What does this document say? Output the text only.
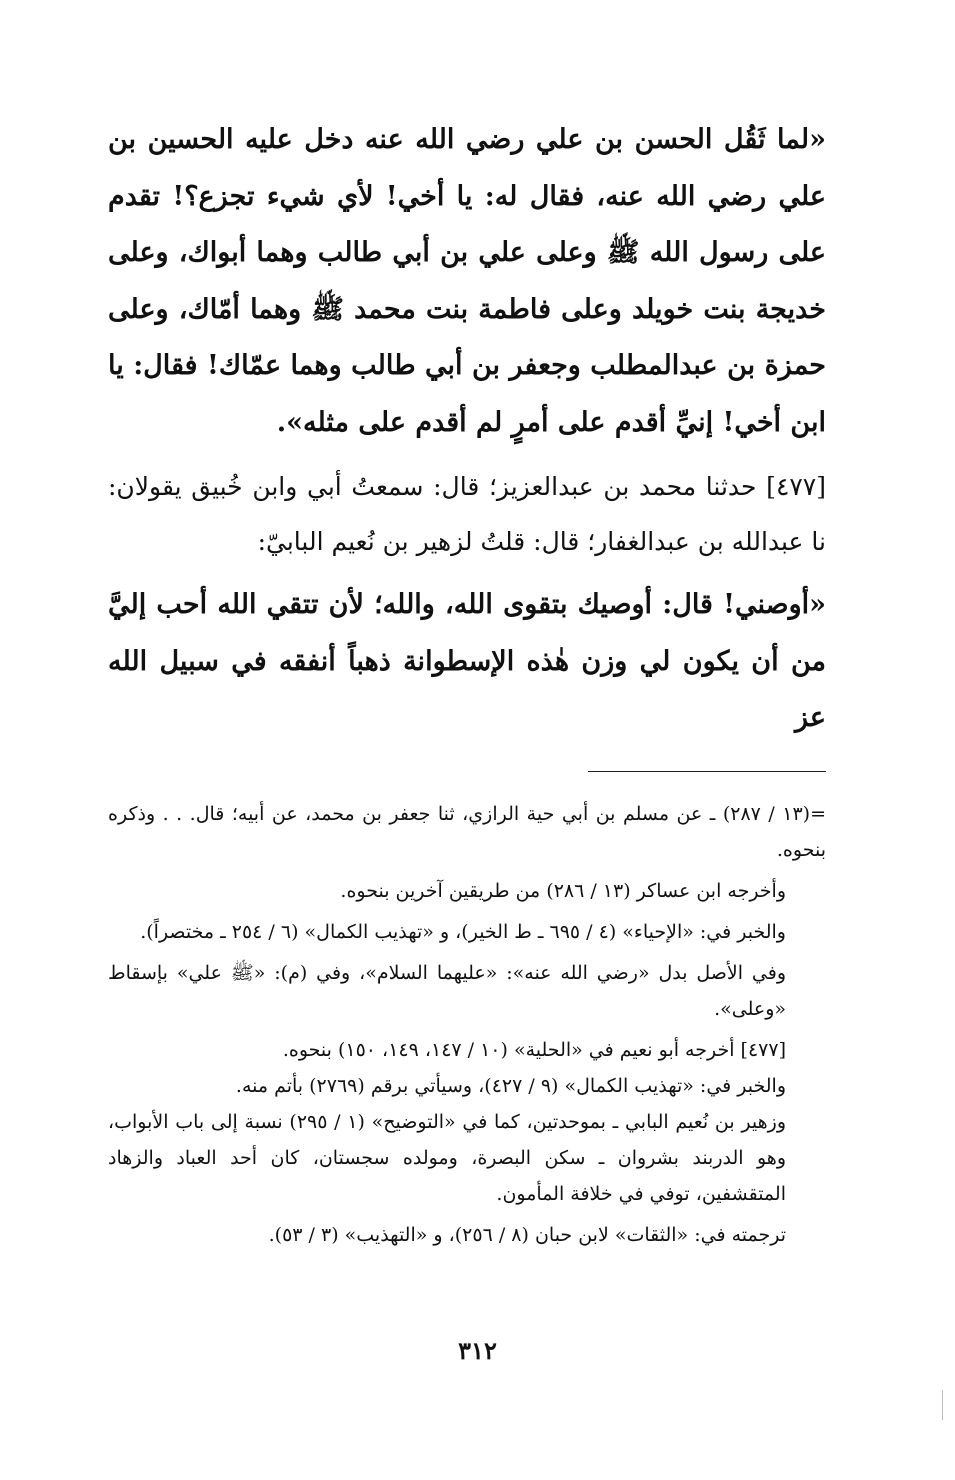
«لما ثَقُل الحسن بن علي رضي الله عنه دخل عليه الحسين بن علي رضي الله عنه، فقال له: يا أخي! لأي شيء تجزع؟! تقدم على رسول الله ﷺ وعلى علي بن أبي طالب وهما أبواك، وعلى خديجة بنت خويلد وعلى فاطمة بنت محمد ﷺ وهما أمّاك، وعلى حمزة بن عبدالمطلب وجعفر بن أبي طالب وهما عمّاك! فقال: يا ابن أخي! إنيِّ أقدم على أمرٍ لم أقدم على مثله».

[٤٧٧] حدثنا محمد بن عبدالعزيز؛ قال: سمعتُ أبي وابن خُبيق يقولان: نا عبدالله بن عبدالغفار؛ قال: قلتُ لزهير بن نُعيم البابيّ:

«أوصني! قال: أوصيك بتقوى الله، والله؛ لأن تتقي الله أحب إليَّ من أن يكون لي وزن هٰذه الإسطوانة ذهباً أنفقه في سبيل الله عز

=(١٣ / ٢٨٧) ـ عن مسلم بن أبي حية الرازي، ثنا جعفر بن محمد، عن أبيه؛ قال. . . وذكره بنحوه.

وأخرجه ابن عساكر (١٣ / ٢٨٦) من طريقين آخرين بنحوه.

والخبر في: «الإحياء» (٤ / ٦٩٥ ـ ط الخير)، و «تهذيب الكمال» (٦ / ٢٥٤ ـ مختصراً).

وفي الأصل بدل «رضي الله عنه»: «عليهما السلام»، وفي (م): «ﷺ علي» بإسقاط «وعلى».

[٤٧٧] أخرجه أبو نعيم في «الحلية» (١٠ / ١٤٧، ١٤٩، ١٥٠) بنحوه.

والخبر في: «تهذيب الكمال» (٩ / ٤٢٧)، وسيأتي برقم (٢٧٦٩) بأتم منه.

وزهير بن نُعيم البابي ـ بموحدتين، كما في «التوضيح» (١ / ٢٩٥) نسبة إلى باب الأبواب، وهو الدربند بشروان ـ سكن البصرة، ومولده سجستان، كان أحد العباد والزهاد المتقشفين، توفي في خلافة المأمون.

ترجمته في: «الثقات» لابن حبان (٨ / ٢٥٦)، و «التهذيب» (٣ / ٥٣).

٣١٢
